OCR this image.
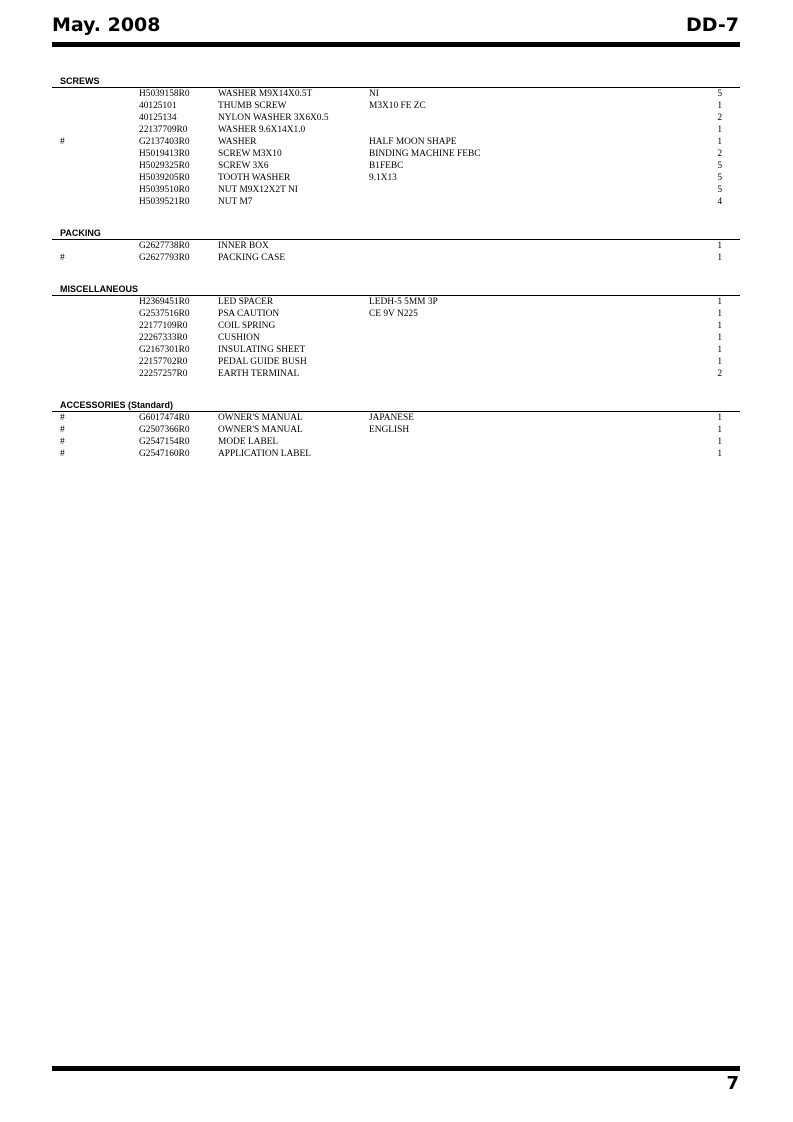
May. 2008	DD-7
SCREWS
H5039158R0	WASHER M9X14X0.5T	NI	5
40125101	THUMB SCREW	M3X10 FE ZC	1
40125134	NYLON WASHER 3X6X0.5	2
22137709R0	WASHER 9.6X14X1.0	1
#	G2137403R0	WASHER	HALF MOON SHAPE	1
H5019413R0	SCREW M3X10	BINDING MACHINE FEBC	2
H5029325R0	SCREW 3X6	B1FEBC	5
H5039205R0	TOOTH WASHER	9.1X13	5
H5039510R0	NUT M9X12X2T NI	5
H5039521R0	NUT M7	4
PACKING
G2627738R0	INNER BOX	1
#	G2627793R0	PACKING CASE	1
MISCELLANEOUS
H2369451R0	LED SPACER	LEDH-5 5MM 3P	1
G2537516R0	PSA CAUTION	CE 9V N225	1
22177109R0	COIL SPRING	1
22267333R0	CUSHION	1
G2167301R0	INSULATING SHEET	1
22157702R0	PEDAL GUIDE BUSH	1
22257257R0	EARTH TERMINAL	2
ACCESSORIES (Standard)
#	G6017474R0	OWNER'S MANUAL	JAPANESE	1
#	G2507366R0	OWNER'S MANUAL	ENGLISH	1
#	G2547154R0	MODE LABEL	1
#	G2547160R0	APPLICATION LABEL	1
7
